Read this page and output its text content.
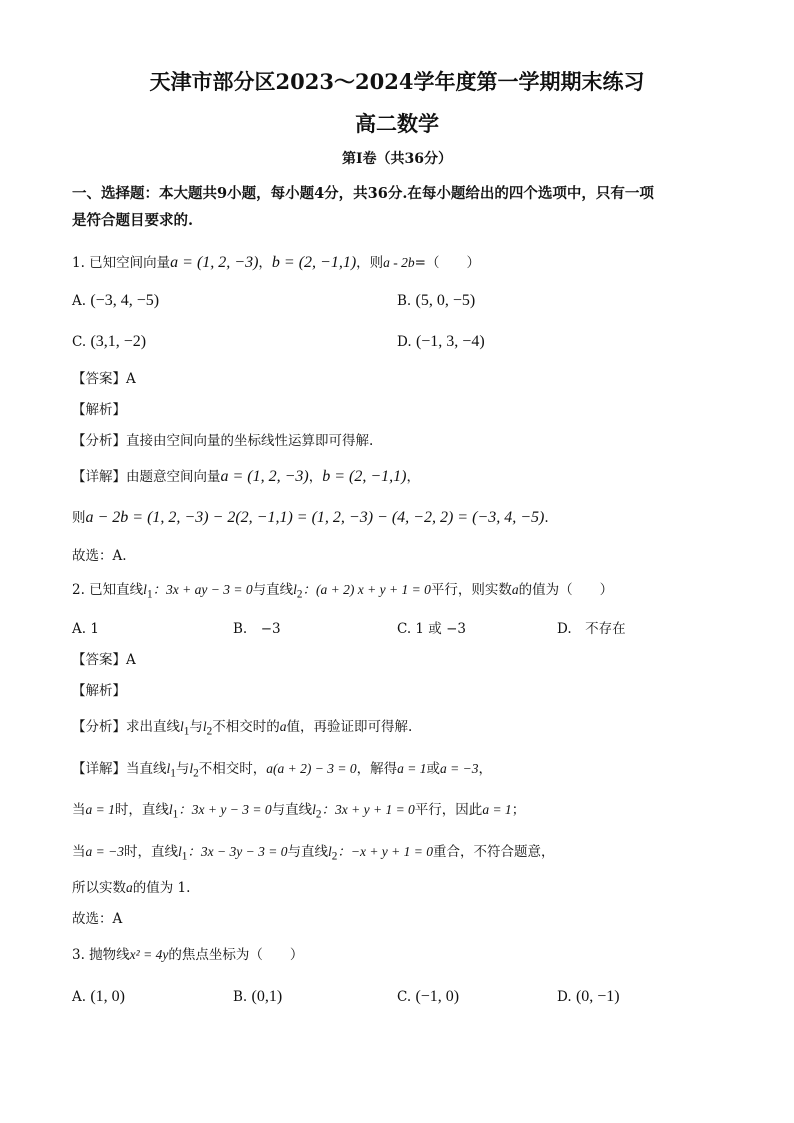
天津市部分区2023～2024学年度第一学期期末练习
高二数学
第Ⅰ卷（共36分）
一、选择题：本大题共9小题，每小题4分，共36分.在每小题给出的四个选项中，只有一项
是符合题目要求的.
1. 已知空间向量a = (1, 2, −3)，b = (2, −1,1)，则a - 2b=（　　）
A. (−3, 4, −5)	B. (5, 0, −5)
C. (3,1, −2)	D. (−1, 3, −4)
【答案】A
【解析】
【分析】直接由空间向量的坐标线性运算即可得解.
【详解】由题意空间向量a = (1, 2, −3)，b = (2, −1,1)，
则a − 2b = (1, 2, −3) − 2(2, −1,1) = (1, 2, −3) − (4, −2, 2) = (−3, 4, −5).
故选：A.
2. 已知直线$l_1$：3x + ay − 3 = 0与直线$l_2$：(a + 2) x + y + 1 = 0平行，则实数a的值为（　　）
A. 1	B.　−3	C. 1 或 −3	D.　不存在
【答案】A
【解析】
【分析】求出直线$l_1$与$l_2$不相交时的a值，再验证即可得解.
【详解】当直线$l_1$与$l_2$不相交时，a(a + 2) − 3 = 0，解得a = 1或a = −3，
当a = 1时，直线$l_1$：3x + y − 3 = 0与直线$l_2$：3x + y + 1 = 0平行，因此a = 1；
当a = −3时，直线$l_1$：3x − 3y − 3 = 0与直线$l_2$：−x + y + 1 = 0重合，不符合题意，
所以实数a的值为 1.
故选：A
3. 抛物线x² = 4y的焦点坐标为（　　）
A. (1, 0)	B. (0,1)	C. (−1, 0)	D. (0, −1)
